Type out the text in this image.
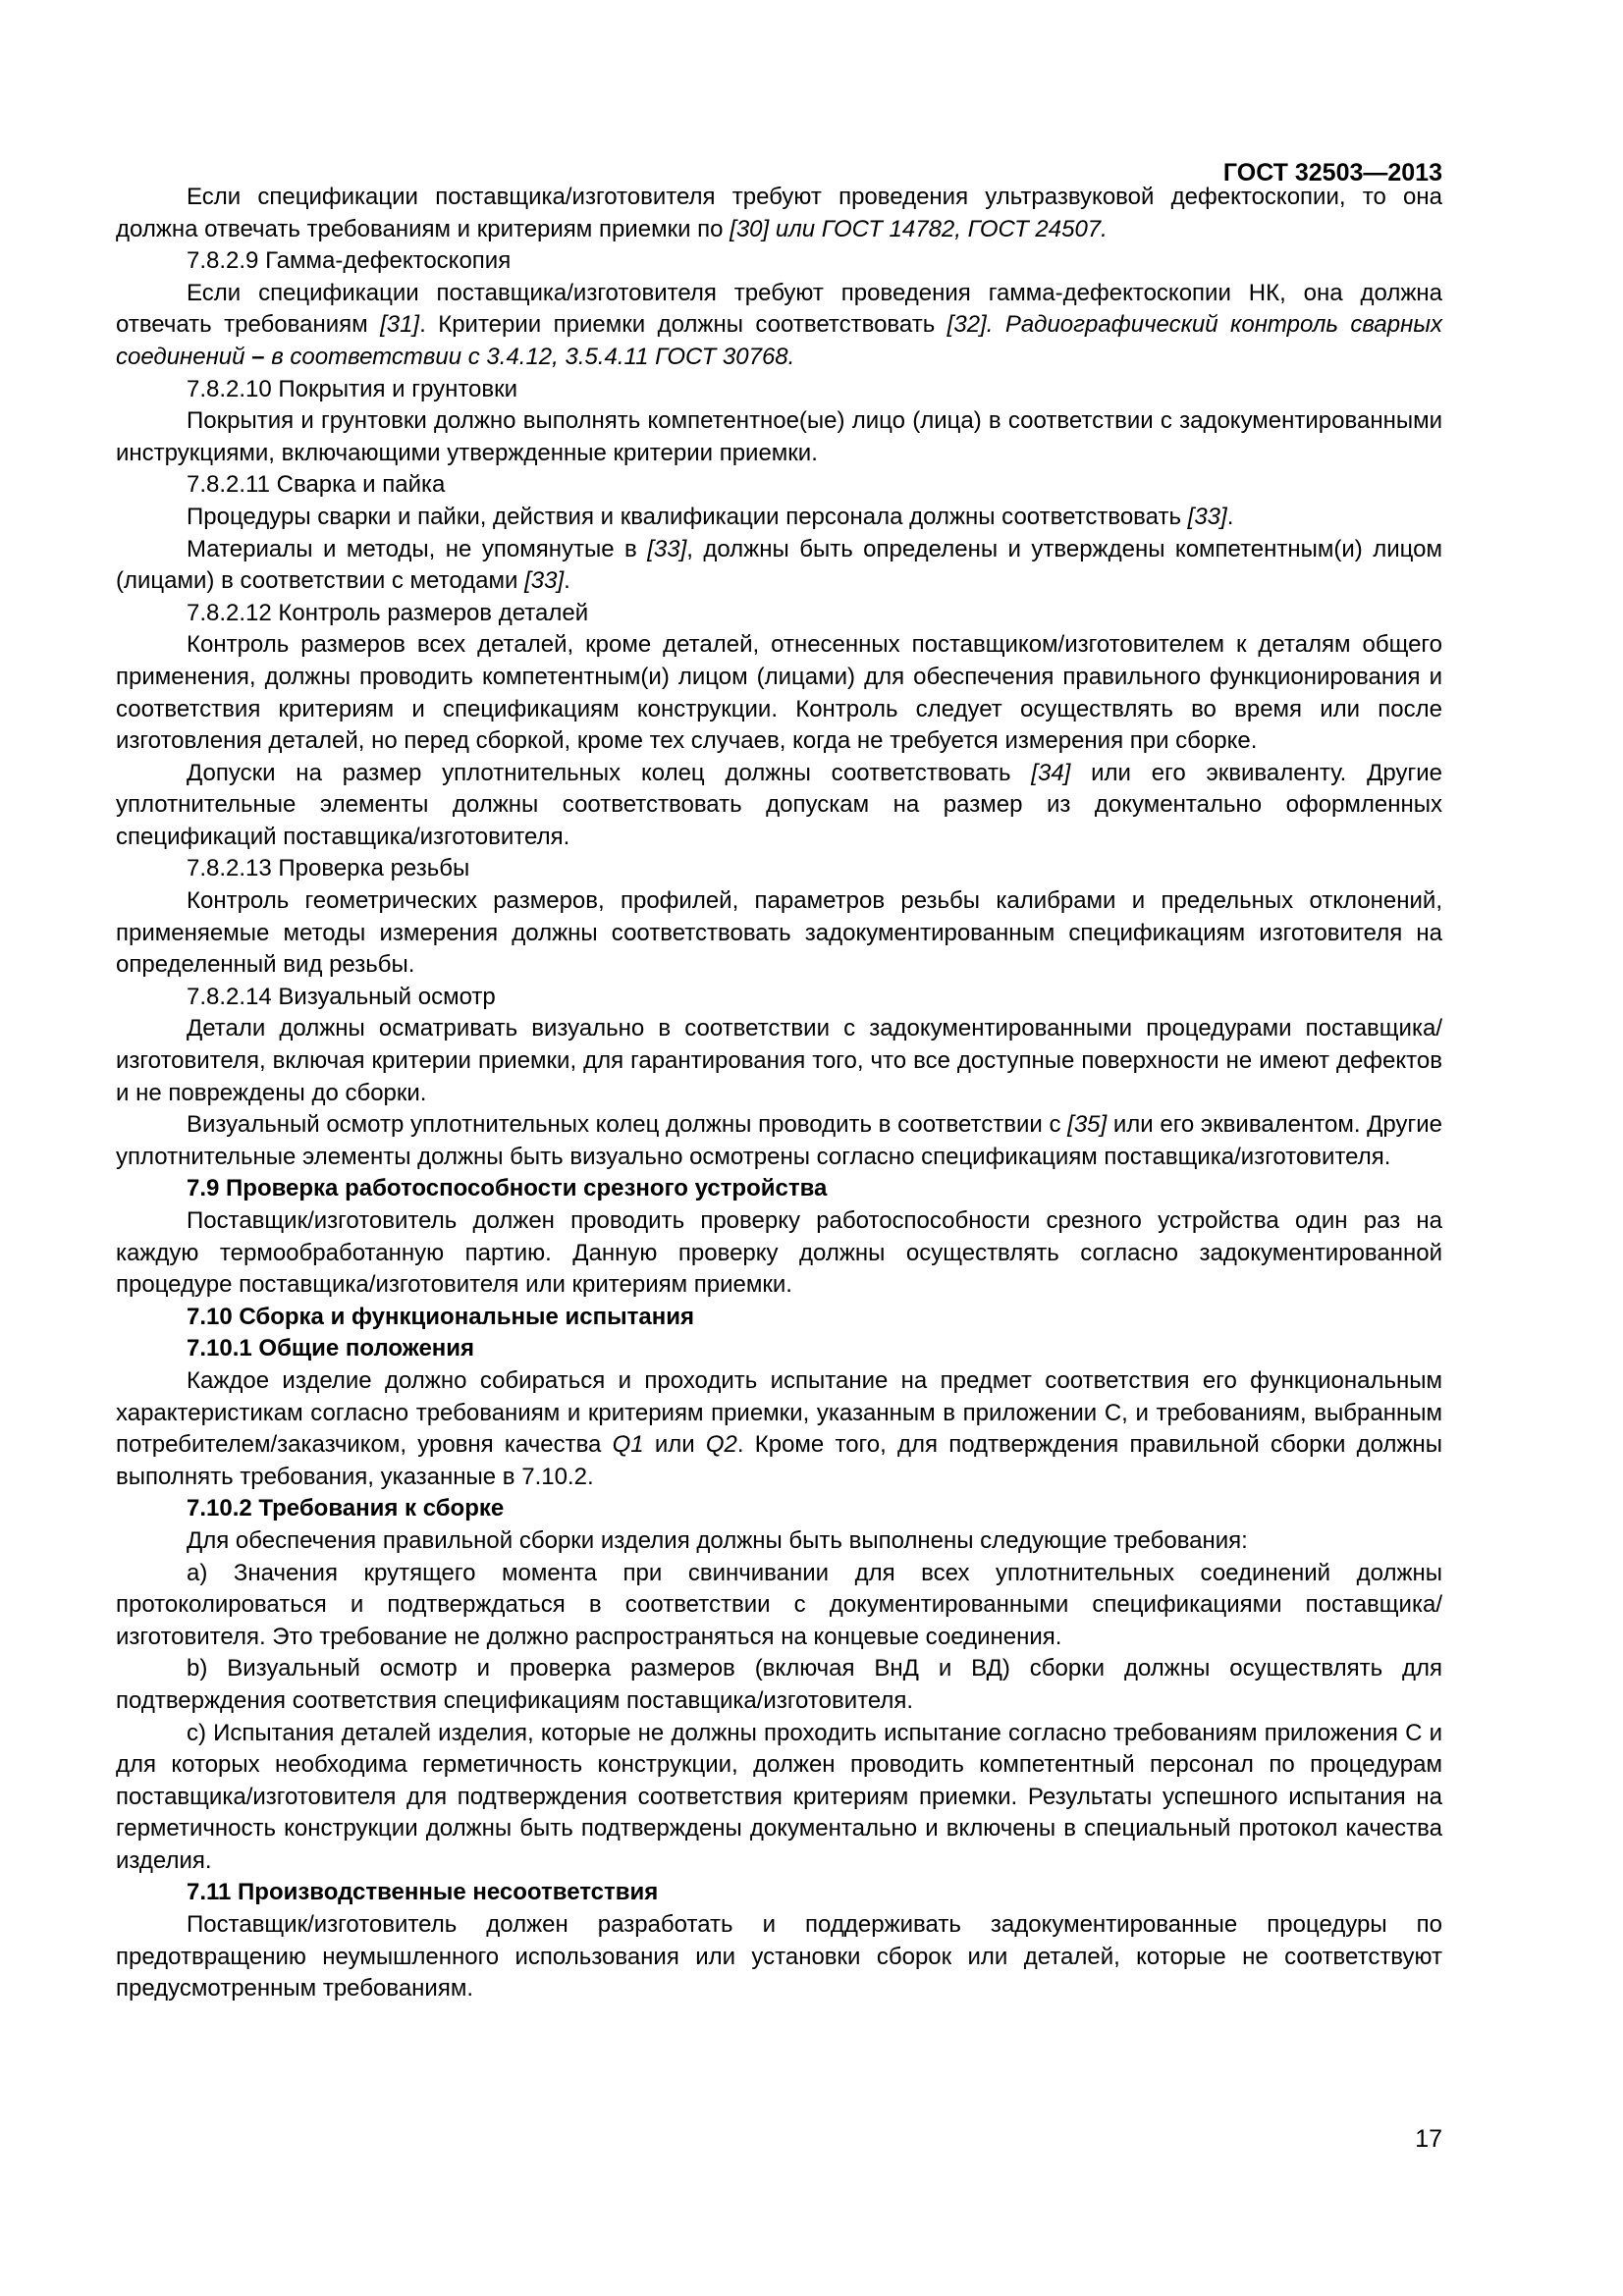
ГОСТ 32503—2013

Если спецификации поставщика/изготовителя требуют проведения ультразвуковой дефектоскопии, то она должна отвечать требованиям и критериям приемки по [30] или ГОСТ 14782, ГОСТ 24507.

7.8.2.9 Гамма-дефектоскопия

Если спецификации поставщика/изготовителя требуют проведения гамма-дефектоскопии НК, она должна отвечать требованиям [31]. Критерии приемки должны соответствовать [32]. Радиографический контроль сварных соединений – в соответствии с 3.4.12, 3.5.4.11 ГОСТ 30768.

7.8.2.10 Покрытия и грунтовки

Покрытия и грунтовки должно выполнять компетентное(ые) лицо (лица) в соответствии с задокументированными инструкциями, включающими утвержденные критерии приемки.

7.8.2.11 Сварка и пайка

Процедуры сварки и пайки, действия и квалификации персонала должны соответствовать [33].

Материалы и методы, не упомянутые в [33], должны быть определены и утверждены компетентным(и) лицом (лицами) в соответствии с методами [33].

7.8.2.12 Контроль размеров деталей

Контроль размеров всех деталей, кроме деталей, отнесенных поставщиком/изготовителем к деталям общего применения, должны проводить компетентным(и) лицом (лицами) для обеспечения правильного функционирования и соответствия критериям и спецификациям конструкции. Контроль следует осуществлять во время или после изготовления деталей, но перед сборкой, кроме тех случаев, когда не требуется измерения при сборке.

Допуски на размер уплотнительных колец должны соответствовать [34] или его эквиваленту. Другие уплотнительные элементы должны соответствовать допускам на размер из документально оформленных спецификаций поставщика/изготовителя.

7.8.2.13 Проверка резьбы

Контроль геометрических размеров, профилей, параметров резьбы калибрами и предельных отклонений, применяемые методы измерения должны соответствовать задокументированным спецификациям изготовителя на определенный вид резьбы.

7.8.2.14 Визуальный осмотр

Детали должны осматривать визуально в соответствии с задокументированными процедурами поставщика/изготовителя, включая критерии приемки, для гарантирования того, что все доступные поверхности не имеют дефектов и не повреждены до сборки.

Визуальный осмотр уплотнительных колец должны проводить в соответствии с [35] или его эквивалентом. Другие уплотнительные элементы должны быть визуально осмотрены согласно спецификациям поставщика/изготовителя.

7.9 Проверка работоспособности срезного устройства

Поставщик/изготовитель должен проводить проверку работоспособности срезного устройства один раз на каждую термообработанную партию. Данную проверку должны осуществлять согласно задокументированной процедуре поставщика/изготовителя или критериям приемки.

7.10 Сборка и функциональные испытания

7.10.1 Общие положения

Каждое изделие должно собираться и проходить испытание на предмет соответствия его функциональным характеристикам согласно требованиям и критериям приемки, указанным в приложении С, и требованиям, выбранным потребителем/заказчиком, уровня качества Q1 или Q2. Кроме того, для подтверждения правильной сборки должны выполнять требования, указанные в 7.10.2.

7.10.2 Требования к сборке

Для обеспечения правильной сборки изделия должны быть выполнены следующие требования:

а) Значения крутящего момента при свинчивании для всех уплотнительных соединений должны протоколироваться и подтверждаться в соответствии с документированными спецификациями поставщика/изготовителя. Это требование не должно распространяться на концевые соединения.

b) Визуальный осмотр и проверка размеров (включая ВнД и ВД) сборки должны осуществлять для подтверждения соответствия спецификациям поставщика/изготовителя.

с) Испытания деталей изделия, которые не должны проходить испытание согласно требованиям приложения С и для которых необходима герметичность конструкции, должен проводить компетентный персонал по процедурам поставщика/изготовителя для подтверждения соответствия критериям приемки. Результаты успешного испытания на герметичность конструкции должны быть подтверждены документально и включены в специальный протокол качества изделия.

7.11 Производственные несоответствия

Поставщик/изготовитель должен разработать и поддерживать задокументированные процедуры по предотвращению неумышленного использования или установки сборок или деталей, которые не соответствуют предусмотренным требованиям.

17
